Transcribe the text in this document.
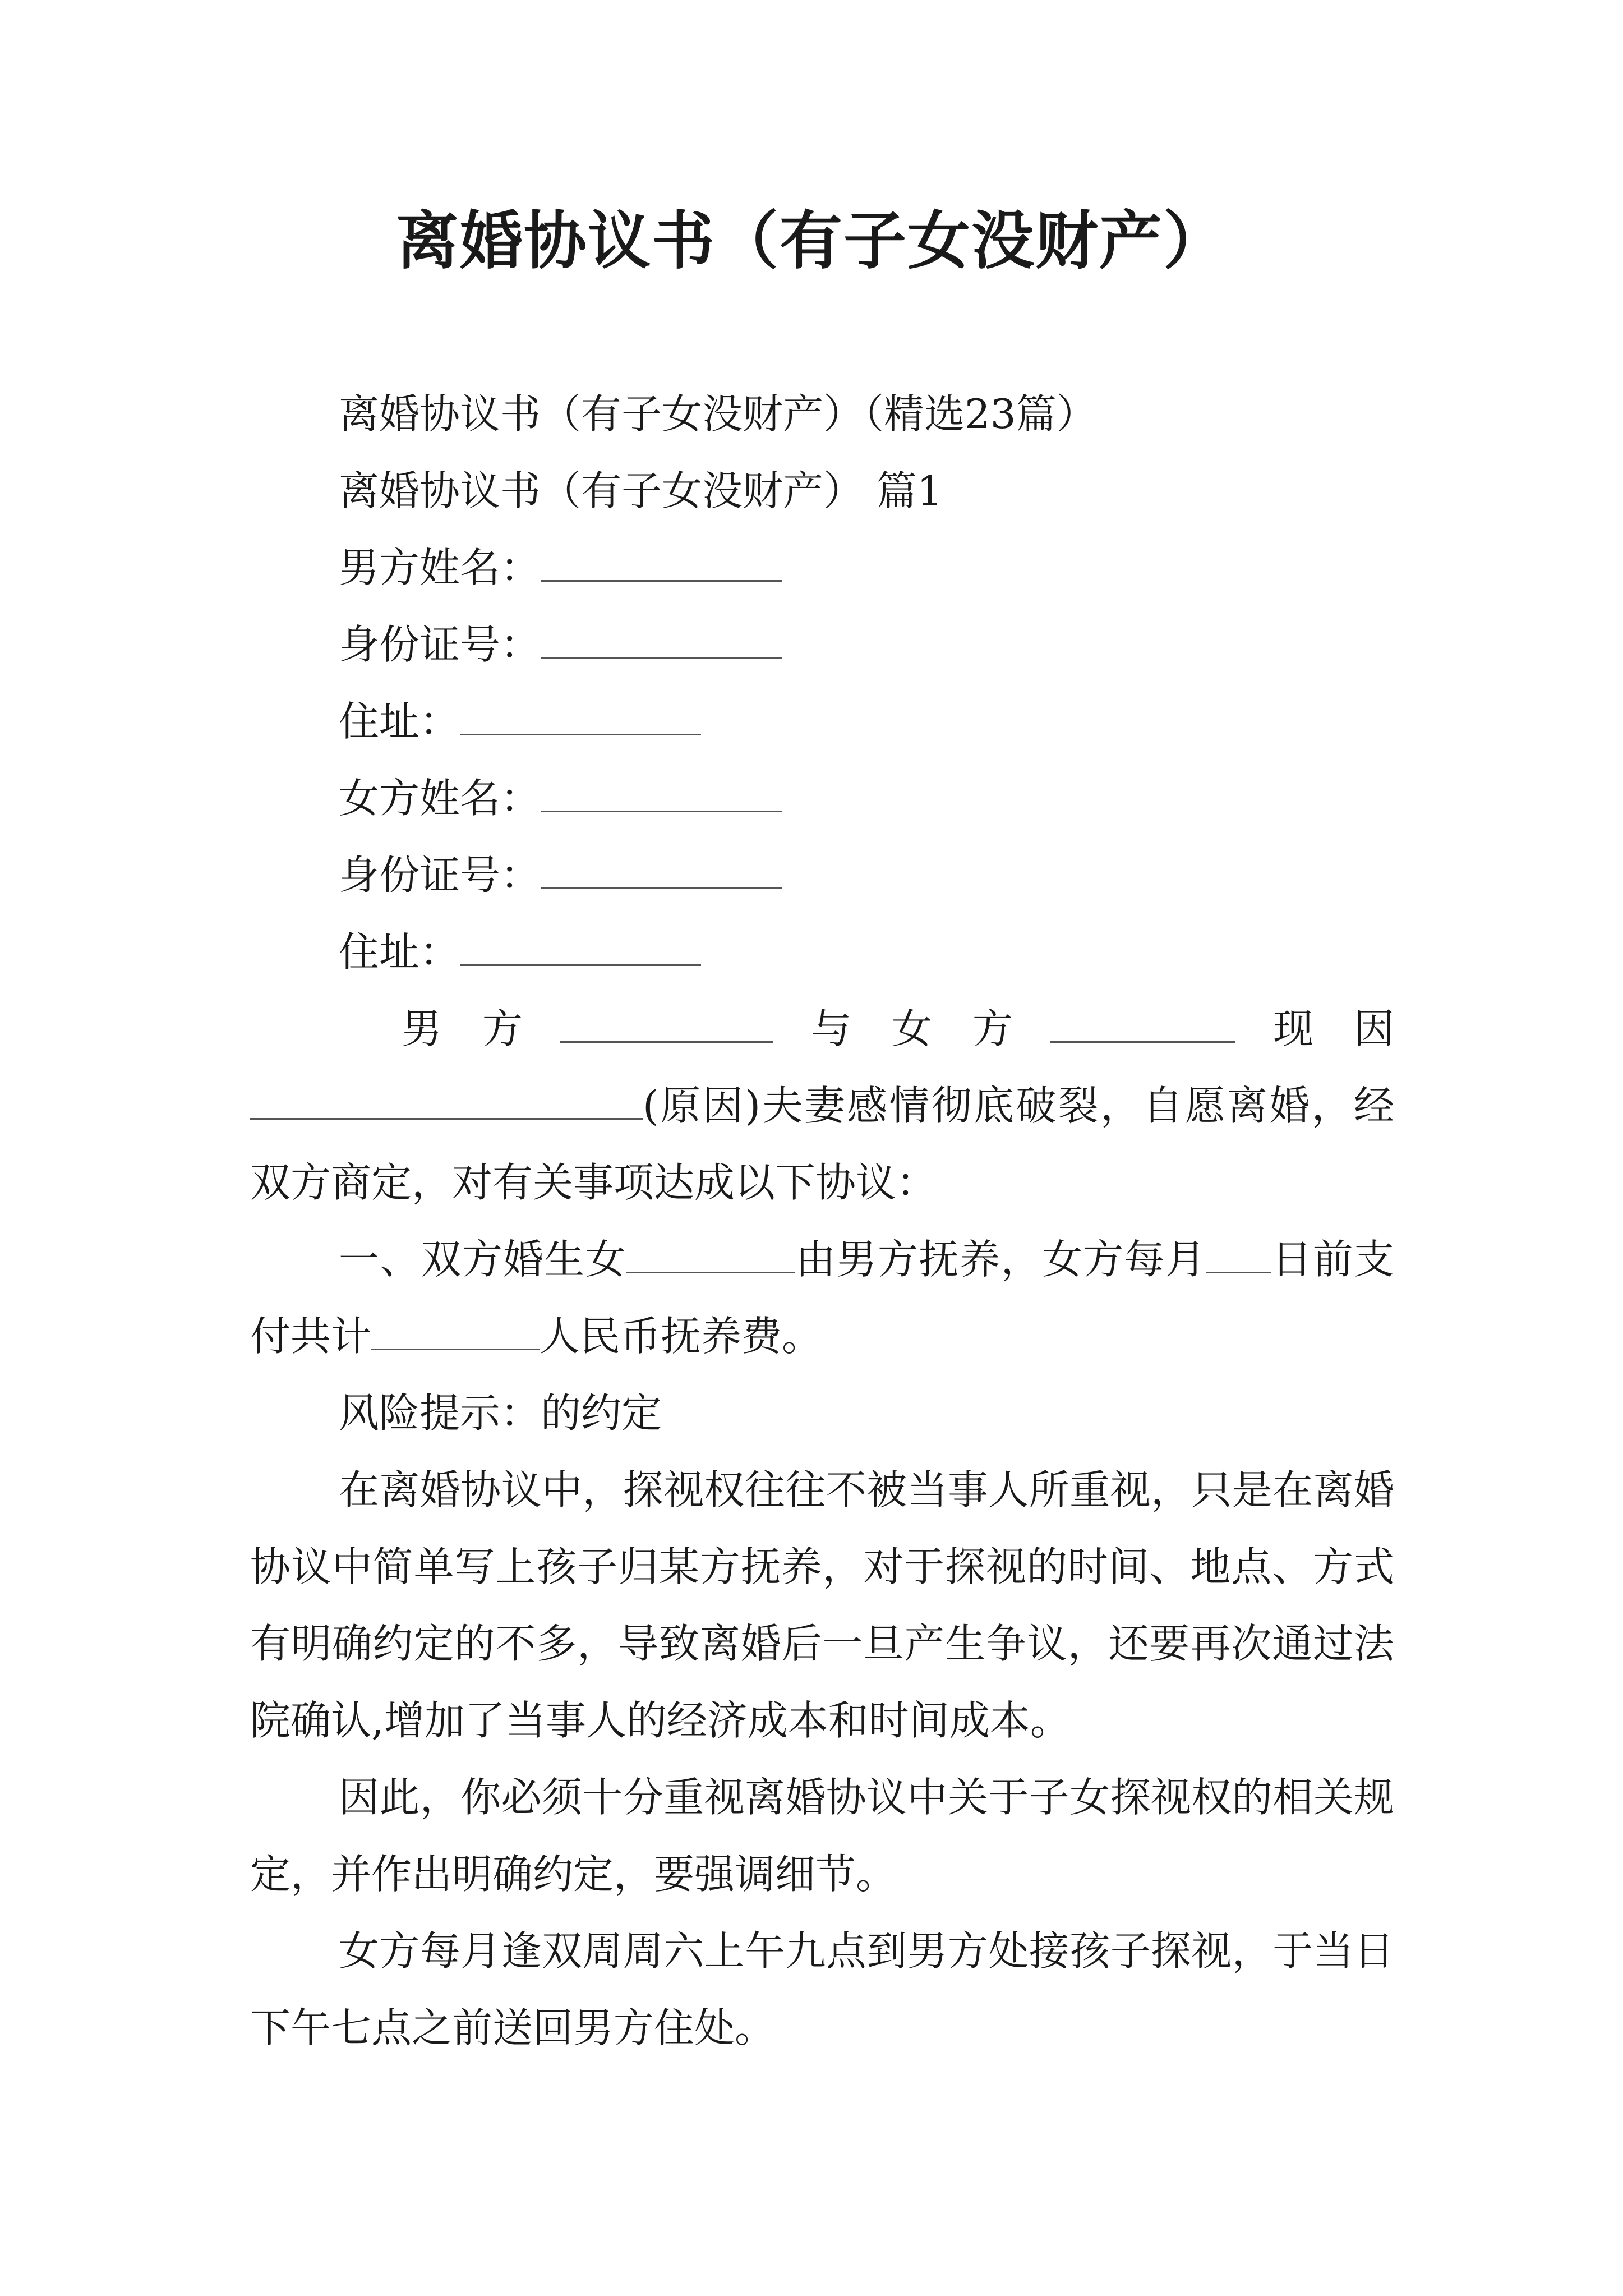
离婚协议书（有子女没财产）
离婚协议书（有子女没财产）（精选23篇）
离婚协议书（有子女没财产） 篇1
男方姓名：
身份证号：
住址：
女方姓名：
身份证号：
住址：
男　方	与　女　方	现　因

(原因)夫妻感情彻底破裂，自愿离婚，经双方商定，对有关事项达成以下协议：

一、双方婚生女	由男方抚养，女方每月 日前支付共计	人民币抚养费。

风险提示：的约定

在离婚协议中，探视权往往不被当事人所重视，只是在离婚协议中简单写上孩子归某方抚养，对于探视的时间、地点、方式有明确约定的不多，导致离婚后一旦产生争议，还要再次通过法院确认,增加了当事人的经济成本和时间成本。

因此，你必须十分重视离婚协议中关于子女探视权的相关规定，并作出明确约定，要强调细节。

女方每月逢双周周六上午九点到男方处接孩子探视，于当日下午七点之前送回男方住处。
